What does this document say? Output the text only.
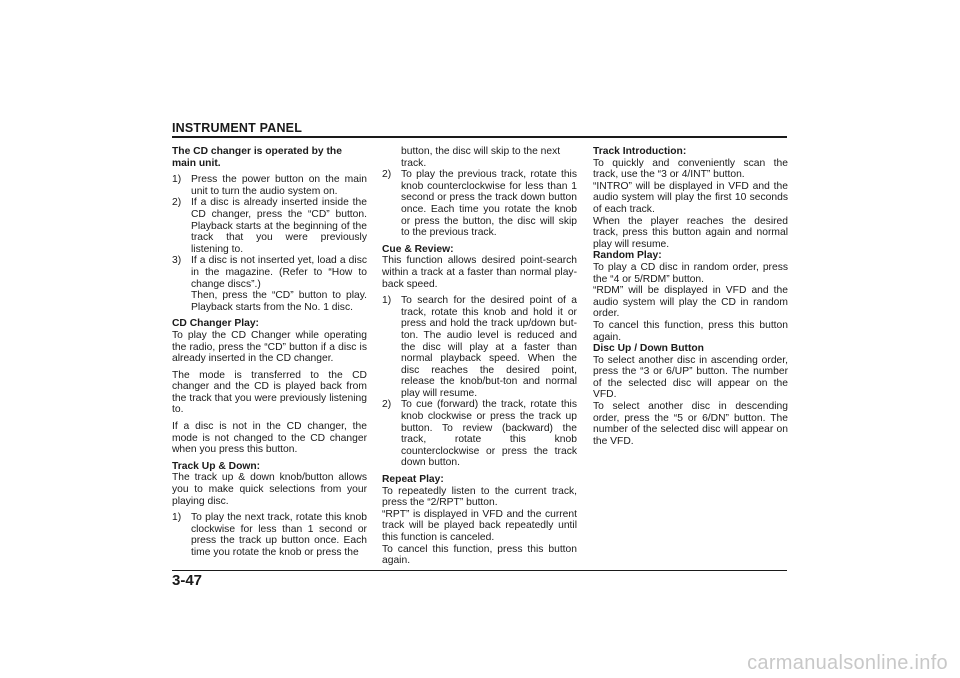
INSTRUMENT PANEL

The CD changer is operated by the main unit.

1) Press the power button on the main unit to turn the audio system on.
2) If a disc is already inserted inside the CD changer, press the “CD” button. Playback starts at the beginning of the track that you were previously listening to.
3) If a disc is not inserted yet, load a disc in the magazine. (Refer to “How to change discs”.)
Then, press the “CD” button to play. Playback starts from the No. 1 disc.

CD Changer Play:

To play the CD Changer while operating the radio, press the “CD” button if a disc is already inserted in the CD changer.

The mode is transferred to the CD changer and the CD is played back from the track that you were previously listening to.

If a disc is not in the CD changer, the mode is not changed to the CD changer when you press this button.

Track Up & Down:

The track up & down knob/button allows you to make quick selections from your playing disc.

1) To play the next track, rotate this knob clockwise for less than 1 second or press the track up button once. Each time you rotate the knob or press the

button, the disc will skip to the next track.

2) To play the previous track, rotate this knob counterclockwise for less than 1 second or press the track down button once. Each time you rotate the knob or press the button, the disc will skip to the previous track.

Cue & Review:

This function allows desired point-search within a track at a faster than normal play-back speed.

1) To search for the desired point of a track, rotate this knob and hold it or press and hold the track up/down but-ton. The audio level is reduced and the disc will play at a faster than normal playback speed. When the disc reaches the desired point, release the knob/but-ton and normal play will resume.
2) To cue (forward) the track, rotate this knob clockwise or press the track up button. To review (backward) the track, rotate this knob counterclockwise or press the track down button.

Repeat Play:

To repeatedly listen to the current track, press the “2/RPT” button.

“RPT” is displayed in VFD and the current track will be played back repeatedly until this function is canceled.

To cancel this function, press this button again.

Track Introduction:

To quickly and conveniently scan the track, use the “3 or 4/INT” button.

“INTRO” will be displayed in VFD and the audio system will play the first 10 seconds of each track.

When the player reaches the desired track, press this button again and normal play will resume.

Random Play:

To play a CD disc in random order, press the “4 or 5/RDM” button.

“RDM” will be displayed in VFD and the audio system will play the CD in random order.

To cancel this function, press this button again.

Disc Up / Down Button

To select another disc in ascending order, press the “3 or 6/UP” button. The number of the selected disc will appear on the VFD.

To select another disc in descending order, press the “5 or 6/DN” button. The number of the selected disc will appear on the VFD.

3-47
carmanualsonline.info
